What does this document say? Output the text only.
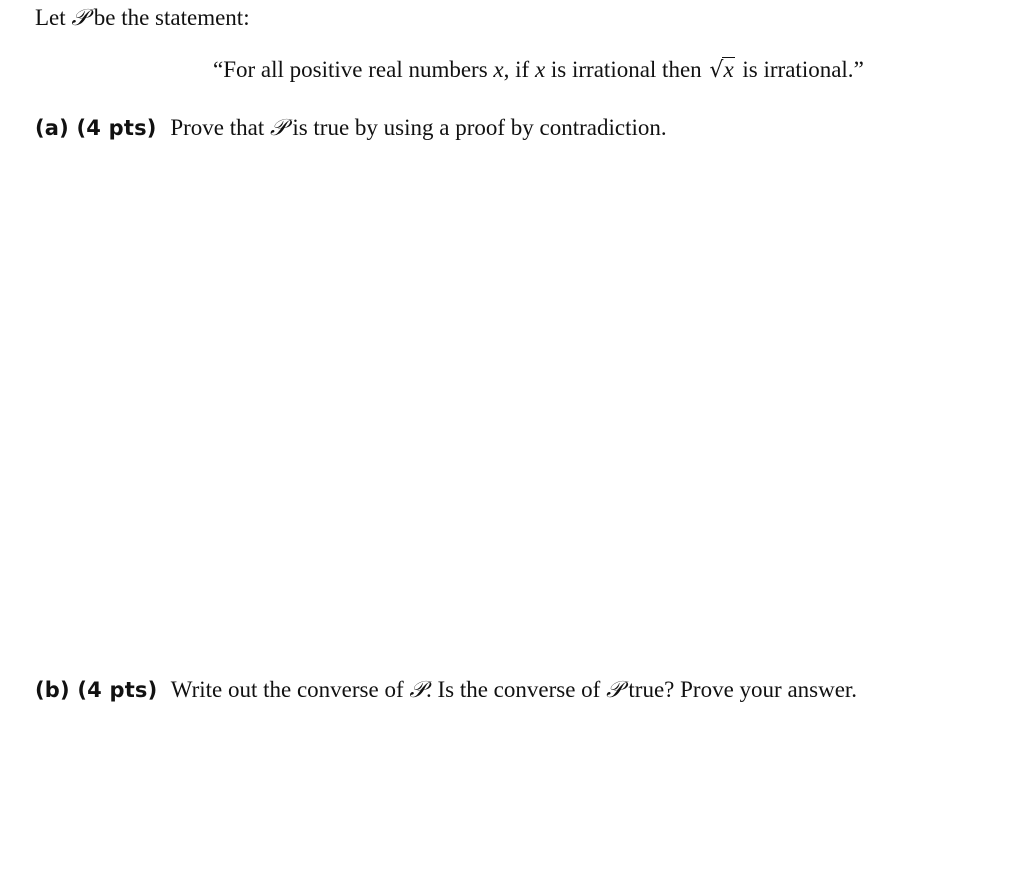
Let 𝒫 be the statement:
“For all positive real numbers x, if x is irrational then √ x is irrational.”
(a) (4 pts) Prove that 𝒫 is true by using a proof by contradiction.
(b) (4 pts) Write out the converse of 𝒫. Is the converse of 𝒫 true? Prove your answer.
